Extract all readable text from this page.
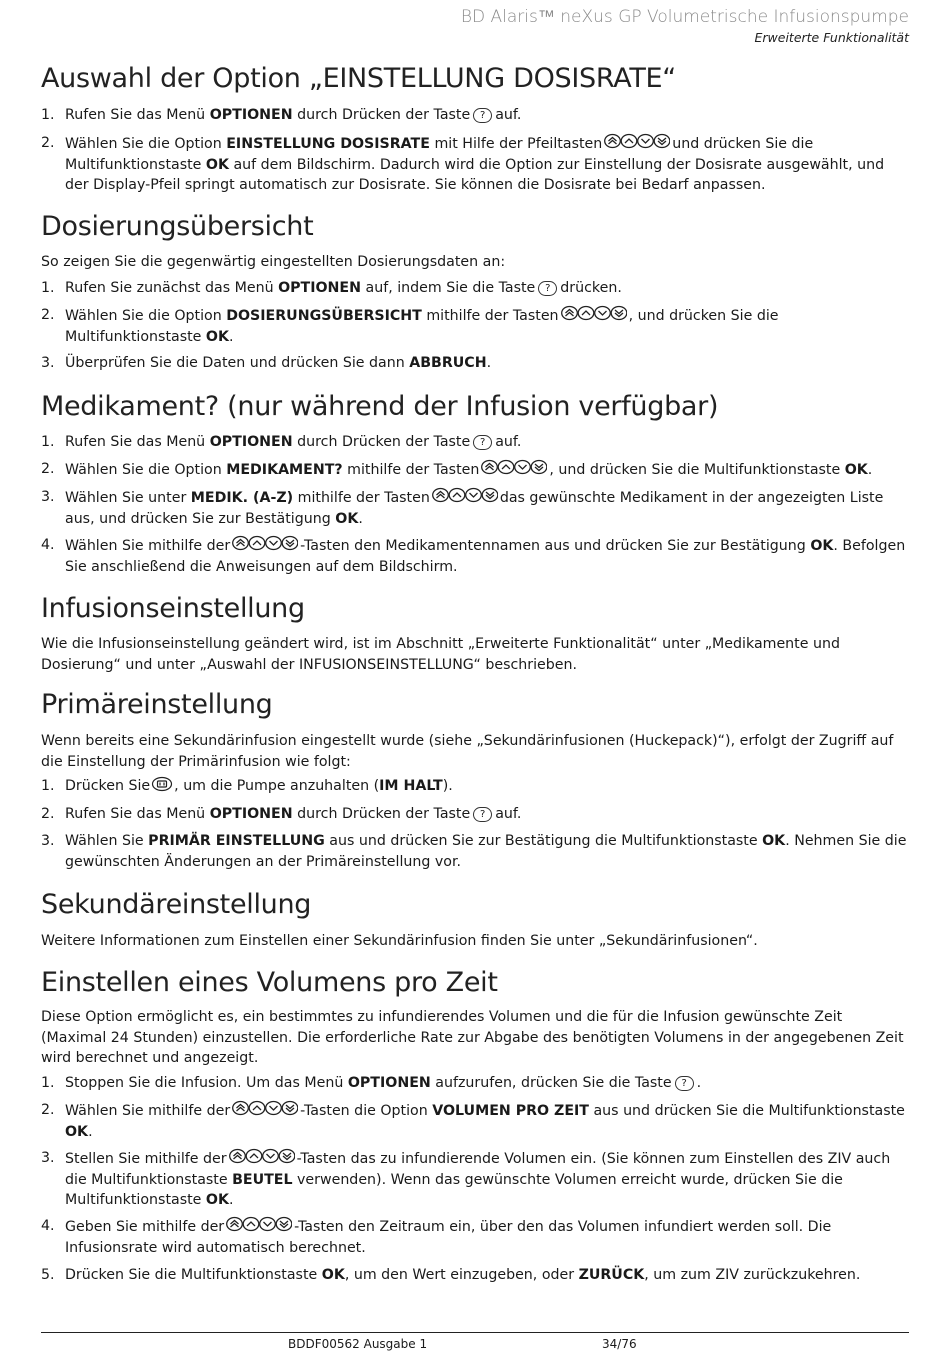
BD Alaris™ neXus GP Volumetrische Infusionspumpe
Erweiterte Funktionalität
Auswahl der Option „EINSTELLUNG DOSISRATE“
1. Rufen Sie das Menü OPTIONEN durch Drücken der Taste ? auf.
2. Wählen Sie die Option EINSTELLUNG DOSISRATE mit Hilfe der Pfeiltasten	und drücken Sie die Multifunktionstaste OK auf dem Bildschirm. Dadurch wird die Option zur Einstellung der Dosisrate ausgewählt, und der Display-Pfeil springt automatisch zur Dosisrate. Sie können die Dosisrate bei Bedarf anpassen.
Dosierungsübersicht

So zeigen Sie die gegenwärtig eingestellten Dosierungsdaten an:

1. Rufen Sie zunächst das Menü OPTIONEN auf, indem Sie die Taste ? drücken.
2. Wählen Sie die Option DOSIERUNGSÜBERSICHT mithilfe der Tasten	, und drücken Sie die Multifunktionstaste OK.
3. Überprüfen Sie die Daten und drücken Sie dann ABBRUCH.
Medikament? (nur während der Infusion verfügbar)
1. Rufen Sie das Menü OPTIONEN durch Drücken der Taste ? auf.
2. Wählen Sie die Option MEDIKAMENT? mithilfe der Tasten	, und drücken Sie die Multifunktionstaste OK.
3. Wählen Sie unter MEDIK. (A-Z) mithilfe der Tasten	das gewünschte Medikament in der angezeigten Liste aus, und drücken Sie zur Bestätigung OK.
4. Wählen Sie mithilfe der	-Tasten den Medikamentennamen aus und drücken Sie zur Bestätigung OK. Befolgen Sie anschließend die Anweisungen auf dem Bildschirm.
Infusionseinstellung

Wie die Infusionseinstellung geändert wird, ist im Abschnitt „Erweiterte Funktionalität“ unter „Medikamente und Dosierung“ und unter „Auswahl der INFUSIONSEINSTELLUNG“ beschrieben.

Primäreinstellung

Wenn bereits eine Sekundärinfusion eingestellt wurde (siehe „Sekundärinfusionen (Huckepack)“), erfolgt der Zugriff auf die Einstellung der Primärinfusion wie folgt:

1. Drücken Sie , um die Pumpe anzuhalten (IM HALT).
2. Rufen Sie das Menü OPTIONEN durch Drücken der Taste ? auf.
3. Wählen Sie PRIMÄR EINSTELLUNG aus und drücken Sie zur Bestätigung die Multifunktionstaste OK. Nehmen Sie die gewünschten Änderungen an der Primäreinstellung vor.
Sekundäreinstellung

Weitere Informationen zum Einstellen einer Sekundärinfusion finden Sie unter „Sekundärinfusionen“.

Einstellen eines Volumens pro Zeit

Diese Option ermöglicht es, ein bestimmtes zu infundierendes Volumen und die für die Infusion gewünschte Zeit (Maximal 24 Stunden) einzustellen. Die erforderliche Rate zur Abgabe des benötigten Volumens in der angegebenen Zeit wird berechnet und angezeigt.

1. Stoppen Sie die Infusion. Um das Menü OPTIONEN aufzurufen, drücken Sie die Taste ? .
2. Wählen Sie mithilfe der	-Tasten die Option VOLUMEN PRO ZEIT aus und drücken Sie die Multifunktionstaste OK.
3. Stellen Sie mithilfe der	-Tasten das zu infundierende Volumen ein. (Sie können zum Einstellen des ZIV auch die Multifunktionstaste BEUTEL verwenden). Wenn das gewünschte Volumen erreicht wurde, drücken Sie die Multifunktionstaste OK.
4. Geben Sie mithilfe der	-Tasten den Zeitraum ein, über den das Volumen infundiert werden soll. Die Infusionsrate wird automatisch berechnet.
5. Drücken Sie die Multifunktionstaste OK, um den Wert einzugeben, oder ZURÜCK, um zum ZIV zurückzukehren.
BDDF00562 Ausgabe 1	34/76
